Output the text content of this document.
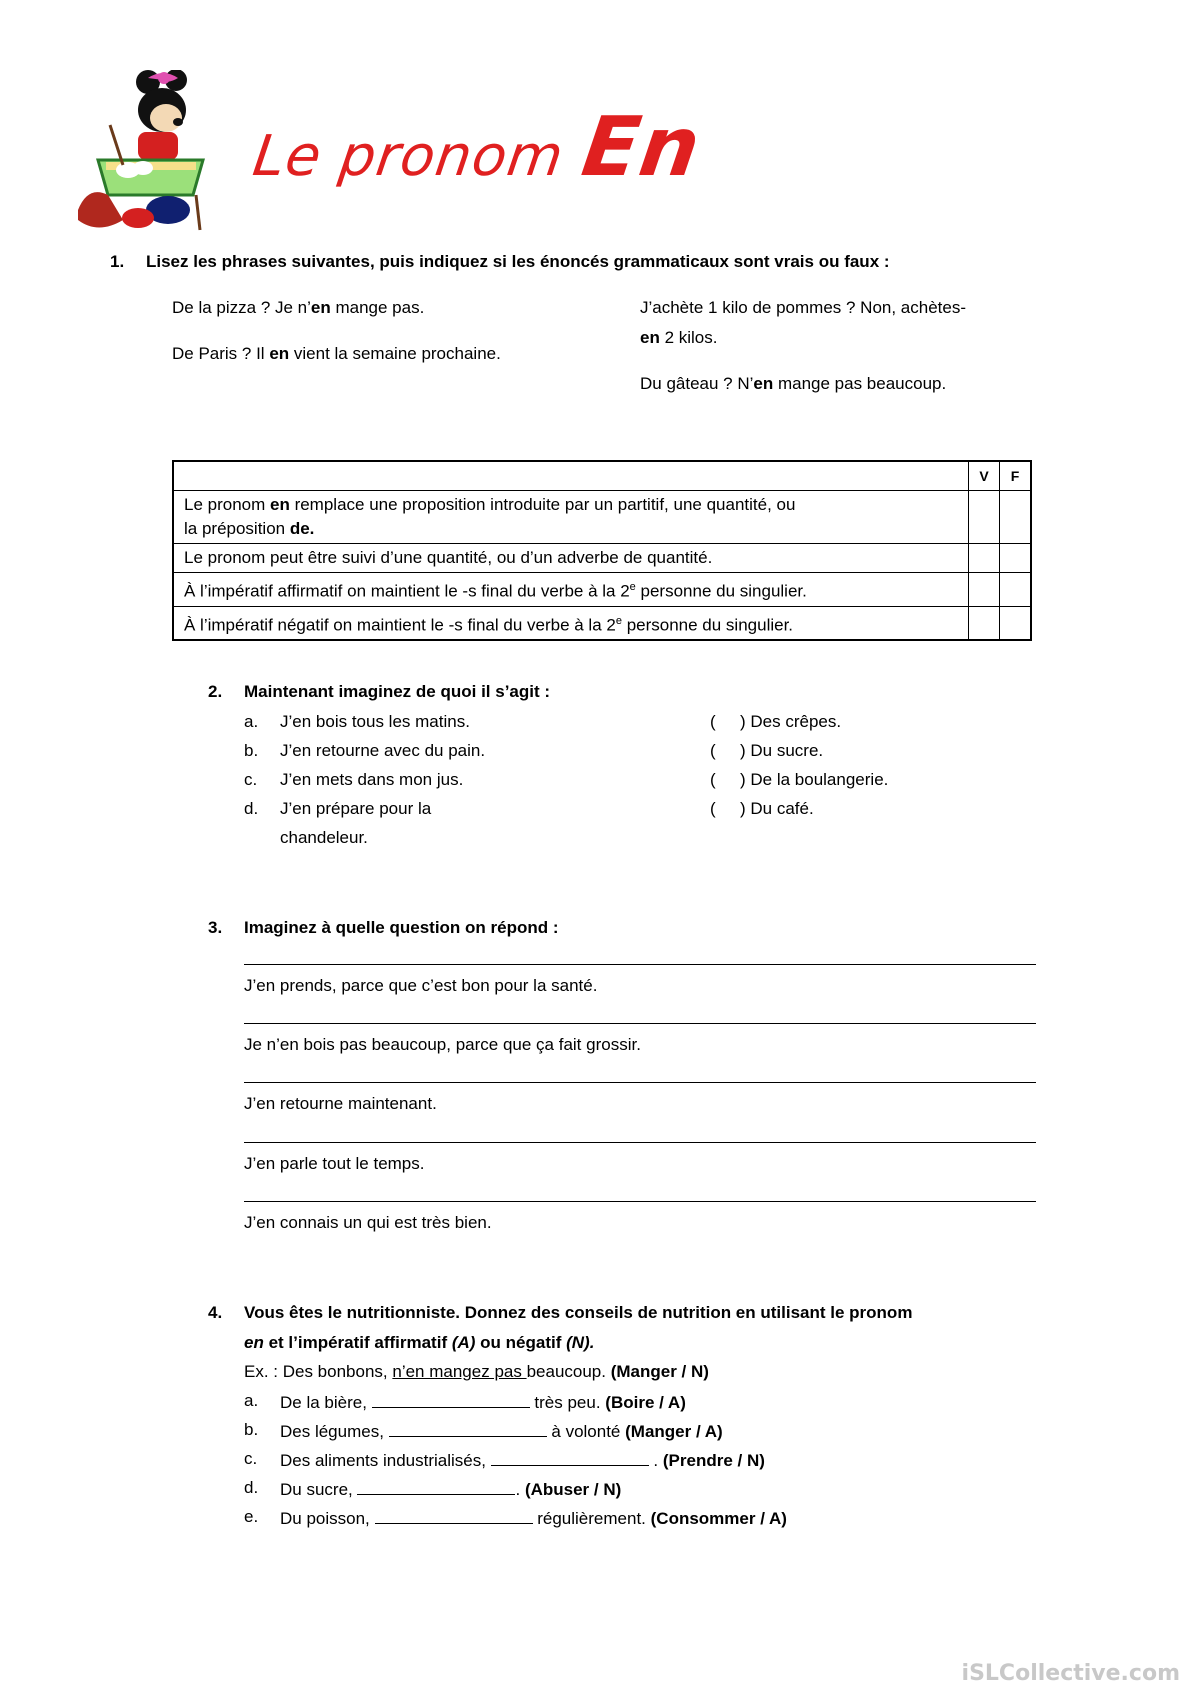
Le pronom En
1. Lisez les phrases suivantes, puis indiquez si les énoncés grammaticaux sont vrais ou faux :
De la pizza ? Je n’en mange pas.
De Paris ? Il en vient la semaine prochaine.
J’achète 1 kilo de pommes ? Non, achètes-
en 2 kilos.
Du gâteau ? N’en mange pas beaucoup.
	V	F
Le pronom en remplace une proposition introduite par un partitif, une quantité, ou
la préposition de.		
Le pronom peut être suivi d’une quantité, ou d’un adverbe de quantité.		
À l’impératif affirmatif on maintient le -s final du verbe à la 2e personne du singulier.		
À l’impératif négatif on maintient le -s final du verbe à la 2e personne du singulier.		
2. Maintenant imaginez de quoi il s’agit :
a. J’en bois tous les matins.
b. J’en retourne avec du pain.
c. J’en mets dans mon jus.
d. J’en prépare pour la
chandeleur.
( ) Des crêpes.
( ) Du sucre.
( ) De la boulangerie.
( ) Du café.
3. Imaginez à quelle question on répond :
J’en prends, parce que c’est bon pour la santé.
Je n’en bois pas beaucoup, parce que ça fait grossir.
J’en retourne maintenant.
J’en parle tout le temps.
J’en connais un qui est très bien.
4. Vous êtes le nutritionniste. Donnez des conseils de nutrition en utilisant le pronom
en et l’impératif affirmatif (A) ou négatif (N).
Ex. : Des bonbons, n’en mangez pas beaucoup. (Manger / N)
a. De la bière,	très peu. (Boire / A)
b. Des légumes,	à volonté (Manger / A)
c. Des aliments industrialisés,	. (Prendre / N)
d. Du sucre,	. (Abuser / N)
e. Du poisson,	régulièrement. (Consommer / A)
iSLCollective.com
